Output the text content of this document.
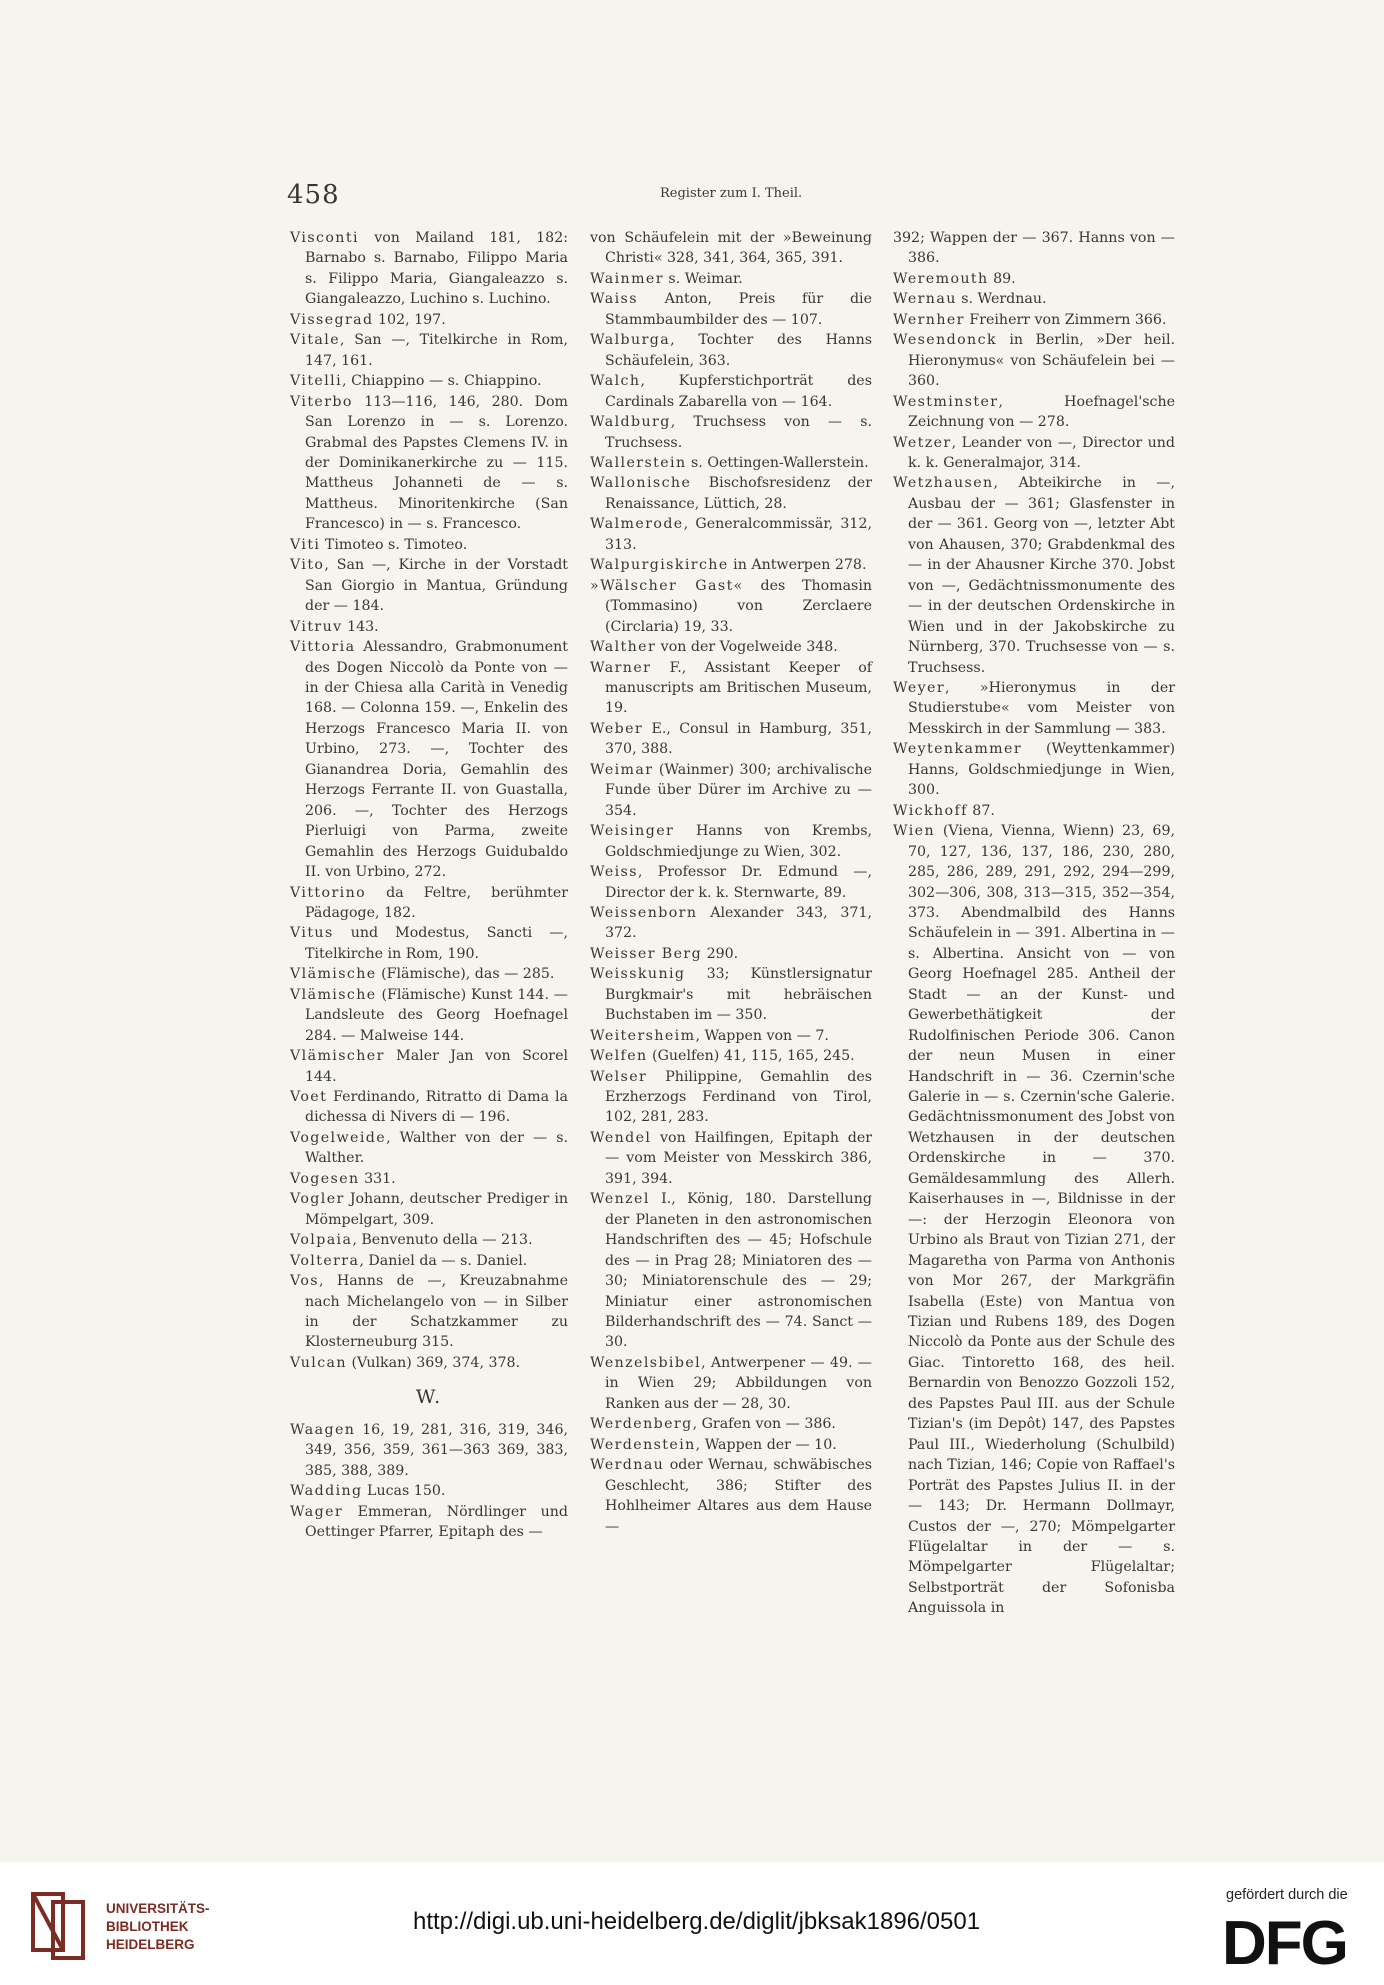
458	Register zum I. Theil.

Visconti von Mailand 181, 182: Barnabo s. Barnabo, Filippo Maria s. Filippo Maria, Giangaleazzo s. Giangaleazzo, Luchino s. Luchino.

Vissegrad 102, 197.

Vitale, San —, Titelkirche in Rom, 147, 161.

Vitelli, Chiappino — s. Chiappino.

Viterbo 113—116, 146, 280. Dom San Lorenzo in — s. Lorenzo. Grabmal des Papstes Clemens IV. in der Dominikanerkirche zu — 115. Mattheus Johanneti de — s. Mattheus. Minoritenkirche (San Francesco) in — s. Francesco.

Viti Timoteo s. Timoteo.

Vito, San —, Kirche in der Vorstadt San Giorgio in Mantua, Gründung der — 184.

Vitruv 143.

Vittoria Alessandro, Grabmonument des Dogen Niccolò da Ponte von — in der Chiesa alla Carità in Venedig 168. — Colonna 159. —, Enkelin des Herzogs Francesco Maria II. von Urbino, 273. —, Tochter des Gianandrea Doria, Gemahlin des Herzogs Ferrante II. von Guastalla, 206. —, Tochter des Herzogs Pierluigi von Parma, zweite Gemahlin des Herzogs Guidubaldo II. von Urbino, 272.

Vittorino da Feltre, berühmter Pädagoge, 182.

Vitus und Modestus, Sancti —, Titelkirche in Rom, 190.

Vlämische (Flämische), das — 285.

Vlämische (Flämische) Kunst 144. — Landsleute des Georg Hoefnagel 284. — Malweise 144.

Vlämischer Maler Jan von Scorel 144.

Voet Ferdinando, Ritratto di Dama la dichessa di Nivers di — 196.

Vogelweide, Walther von der — s. Walther.

Vogesen 331.

Vogler Johann, deutscher Prediger in Mömpelgart, 309.

Volpaia, Benvenuto della — 213.

Volterra, Daniel da — s. Daniel.

Vos, Hanns de —, Kreuzabnahme nach Michelangelo von — in Silber in der Schatzkammer zu Klosterneuburg 315.

Vulcan (Vulkan) 369, 374, 378.

W.

Waagen 16, 19, 281, 316, 319, 346, 349, 356, 359, 361—363 369, 383, 385, 388, 389.

Wadding Lucas 150.

Wager Emmeran, Nördlinger und Oettinger Pfarrer, Epitaph des —

von Schäufelein mit der »Beweinung Christi« 328, 341, 364, 365, 391.

Wainmer s. Weimar.

Waiss Anton, Preis für die Stammbaumbilder des — 107.

Walburga, Tochter des Hanns Schäufelein, 363.

Walch, Kupferstichporträt des Cardinals Zabarella von — 164.

Waldburg, Truchsess von — s. Truchsess.

Wallerstein s. Oettingen-Wallerstein.

Wallonische Bischofsresidenz der Renaissance, Lüttich, 28.

Walmerode, Generalcommissär, 312, 313.

Walpurgiskirche in Antwerpen 278.

»Wälscher Gast« des Thomasin (Tommasino) von Zerclaere (Circlaria) 19, 33.

Walther von der Vogelweide 348.

Warner F., Assistant Keeper of manuscripts am Britischen Museum, 19.

Weber E., Consul in Hamburg, 351, 370, 388.

Weimar (Wainmer) 300; archivalische Funde über Dürer im Archive zu — 354.

Weisinger Hanns von Krembs, Goldschmiedjunge zu Wien, 302.

Weiss, Professor Dr. Edmund —, Director der k. k. Sternwarte, 89.

Weissenborn Alexander 343, 371, 372.

Weisser Berg 290.

Weisskunig 33; Künstlersignatur Burgkmair's mit hebräischen Buchstaben im — 350.

Weitersheim, Wappen von — 7.

Welfen (Guelfen) 41, 115, 165, 245.

Welser Philippine, Gemahlin des Erzherzogs Ferdinand von Tirol, 102, 281, 283.

Wendel von Hailfingen, Epitaph der — vom Meister von Messkirch 386, 391, 394.

Wenzel I., König, 180. Darstellung der Planeten in den astronomischen Handschriften des — 45; Hofschule des — in Prag 28; Miniatoren des — 30; Miniatorenschule des — 29; Miniatur einer astronomischen Bilderhandschrift des — 74. Sanct — 30.

Wenzelsbibel, Antwerpener — 49. — in Wien 29; Abbildungen von Ranken aus der — 28, 30.

Werdenberg, Grafen von — 386.

Werdenstein, Wappen der — 10.

Werdnau oder Wernau, schwäbisches Geschlecht, 386; Stifter des Hohlheimer Altares aus dem Hause —

392; Wappen der — 367. Hanns von — 386.

Weremouth 89.

Wernau s. Werdnau.

Wernher Freiherr von Zimmern 366.

Wesendonck in Berlin, »Der heil. Hieronymus« von Schäufelein bei — 360.

Westminster, Hoefnagel'sche Zeichnung von — 278.

Wetzer, Leander von —, Director und k. k. Generalmajor, 314.

Wetzhausen, Abteikirche in —, Ausbau der — 361; Glasfenster in der — 361. Georg von —, letzter Abt von Ahausen, 370; Grabdenkmal des — in der Ahausner Kirche 370. Jobst von —, Gedächtnissmonumente des — in der deutschen Ordenskirche in Wien und in der Jakobskirche zu Nürnberg, 370. Truchsesse von — s. Truchsess.

Weyer, »Hieronymus in der Studierstube« vom Meister von Messkirch in der Sammlung — 383.

Weytenkammer (Weyttenkammer) Hanns, Goldschmiedjunge in Wien, 300.

Wickhoff 87.

Wien (Viena, Vienna, Wienn) 23, 69, 70, 127, 136, 137, 186, 230, 280, 285, 286, 289, 291, 292, 294—299, 302—306, 308, 313—315, 352—354, 373. Abendmalbild des Hanns Schäufelein in — 391. Albertina in — s. Albertina. Ansicht von — von Georg Hoefnagel 285. Antheil der Stadt — an der Kunst- und Gewerbethätigkeit der Rudolfinischen Periode 306. Canon der neun Musen in einer Handschrift in — 36. Czernin'sche Galerie in — s. Czernin'sche Galerie. Gedächtnissmonument des Jobst von Wetzhausen in der deutschen Ordenskirche in — 370. Gemäldesammlung des Allerh. Kaiserhauses in —, Bildnisse in der —: der Herzogin Eleonora von Urbino als Braut von Tizian 271, der Magaretha von Parma von Anthonis von Mor 267, der Markgräfin Isabella (Este) von Mantua von Tizian und Rubens 189, des Dogen Niccolò da Ponte aus der Schule des Giac. Tintoretto 168, des heil. Bernardin von Benozzo Gozzoli 152, des Papstes Paul III. aus der Schule Tizian's (im Depôt) 147, des Papstes Paul III., Wiederholung (Schulbild) nach Tizian, 146; Copie von Raffael's Porträt des Papstes Julius II. in der — 143; Dr. Hermann Dollmayr, Custos der —, 270; Mömpelgarter Flügelaltar in der — s. Mömpelgarter Flügelaltar; Selbstporträt der Sofonisba Anguissola in

UNIVERSITÄTS-
BIBLIOTHEK
HEIDELBERG
http://digi.ub.uni-heidelberg.de/diglit/jbksak1896/0501
gefördert durch die
DFG
